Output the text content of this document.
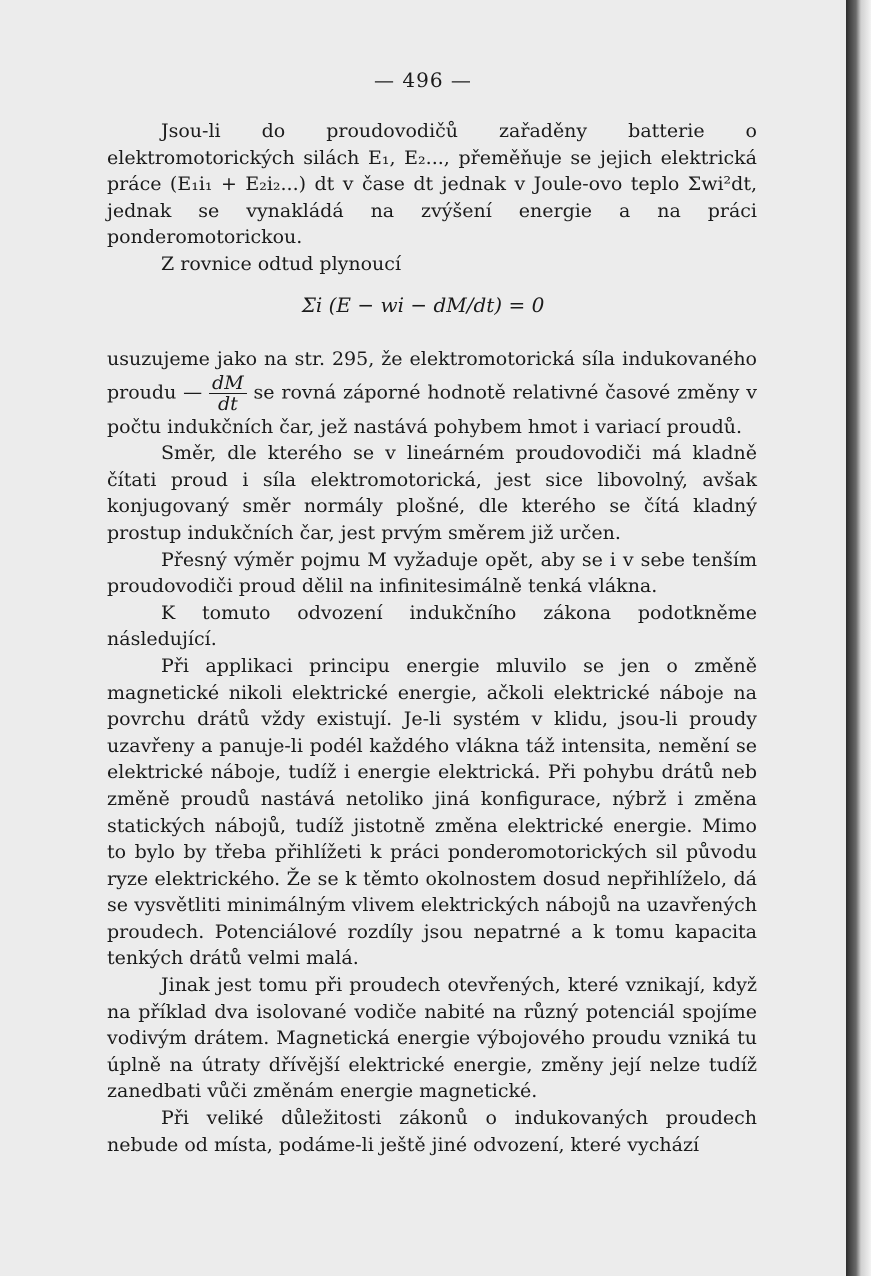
— 496 —

Jsou-li do proudovodičů zařaděny batterie o elektromotorických silách E₁, E₂..., přeměňuje se jejich elektrická práce (E₁i₁ + E₂i₂...) dt v čase dt jednak v Joule-ovo teplo Σwi²dt, jednak se vynakládá na zvýšení energie a na práci ponderomotorickou.

Z rovnice odtud plynoucí

Σi (E − wi − dM/dt) = 0

usuzujeme jako na str. 295, že elektromotorická síla indukovaného proudu — $\frac{dM}{dt}$ se rovná záporné hodnotě relativné časové změny v počtu indukčních čar, jež nastává pohybem hmot i variací proudů.

Směr, dle kterého se v lineárném proudovodiči má kladně čítati proud i síla elektromotorická, jest sice libovolný, avšak konjugovaný směr normály plošné, dle kterého se čítá kladný prostup indukčních čar, jest prvým směrem již určen.

Přesný výměr pojmu M vyžaduje opět, aby se i v sebe tenším proudovodiči proud dělil na infinitesimálně tenká vlákna.

K tomuto odvození indukčního zákona podotkněme následující.

Při applikaci principu energie mluvilo se jen o změně magnetické nikoli elektrické energie, ačkoli elektrické náboje na povrchu drátů vždy existují. Je-li systém v klidu, jsou-li proudy uzavřeny a panuje-li podél každého vlákna táž intensita, nemění se elektrické náboje, tudíž i energie elektrická. Při pohybu drátů neb změně proudů nastává netoliko jiná konfigurace, nýbrž i změna statických nábojů, tudíž jistotně změna elektrické energie. Mimo to bylo by třeba přihlížeti k práci ponderomotorických sil původu ryze elektrického. Že se k těmto okolnostem dosud nepřihlíželo, dá se vysvětliti minimálným vlivem elektrických nábojů na uzavřených proudech. Potenciálové rozdíly jsou nepatrné a k tomu kapacita tenkých drátů velmi malá.

Jinak jest tomu při proudech otevřených, které vznikají, když na příklad dva isolované vodiče nabité na různý potenciál spojíme vodivým drátem. Magnetická energie výbojového proudu vzniká tu úplně na útraty dřívější elektrické energie, změny její nelze tudíž zanedbati vůči změnám energie magnetické.

Při veliké důležitosti zákonů o indukovaných proudech nebude od místa, podáme-li ještě jiné odvození, které vychází
